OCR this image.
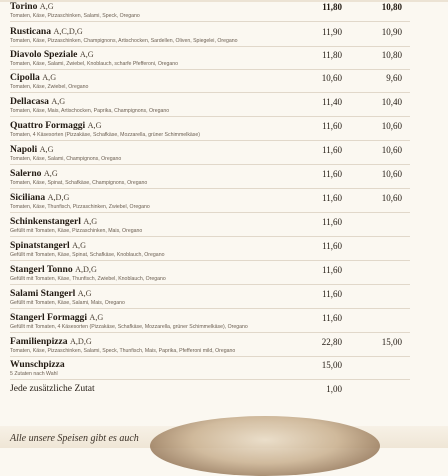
Torino A,G	11,80	10,80
Tomaten, Käse, Pizzaschinken, Salami, Speck, Oregano
Rusticana A,C,D,G	11,90	10,90
Tomaten, Käse, Pizzaschinken, Champignons, Artischocken, Sardellen, Oliven, Spiegelei, Oregano
Diavolo Speziale A,G	11,80	10,80
Tomaten, Käse, Salami, Zwiebel, Knoblauch, scharfe Pfefferoni, Oregano
Cipolla A,G	10,60	9,60
Tomaten, Käse, Zwiebel, Oregano
Dellacasa A,G	11,40	10,40
Tomaten, Käse, Mais, Artischocken, Paprika, Champignons, Oregano
Quattro Formaggi A,G	11,60	10,60
Tomaten, 4 Käsesorten (Pizzakäse, Schafkäse, Mozzarella, grüner Schimmelkäse)
Napoli A,G	11,60	10,60
Tomaten, Käse, Salami, Champignons, Oregano
Salerno A,G	11,60	10,60
Tomaten, Käse, Spinat, Schafkäse, Champignons, Oregano
Siciliana A,D,G	11,60	10,60
Tomaten, Käse, Thunfisch, Pizzaschinken, Zwiebel, Oregano
Schinkenstangerl A,G	11,60
Gefüllt mit Tomaten, Käse, Pizzaschinken, Mais, Oregano
Spinatstangerl A,G	11,60
Gefüllt mit Tomaten, Käse, Spinat, Schafkäse, Knoblauch, Oregano
Stangerl Tonno A,D,G	11,60
Gefüllt mit Tomaten, Käse, Thunfisch, Zwiebel, Knoblauch, Oregano
Salami Stangerl A,G	11,60
Gefüllt mit Tomaten, Käse, Salami, Mais, Oregano
Stangerl Formaggi A,G	11,60
Gefüllt mit Tomaten, 4 Käsesorten (Pizzakäse, Schafkäse, Mozzarella, grüner Schimmelkäse), Oregano
Familienpizza A,D,G	22,80	15,00
Tomaten, Käse, Pizzaschinken, Salami, Speck, Thunfisch, Mais, Paprika, Pfefferoni mild, Oregano
Wunschpizza	15,00
5 Zutaten nach Wahl
Jede zusätzliche Zutat	1,00
Alle unsere Speisen gibt es auch
